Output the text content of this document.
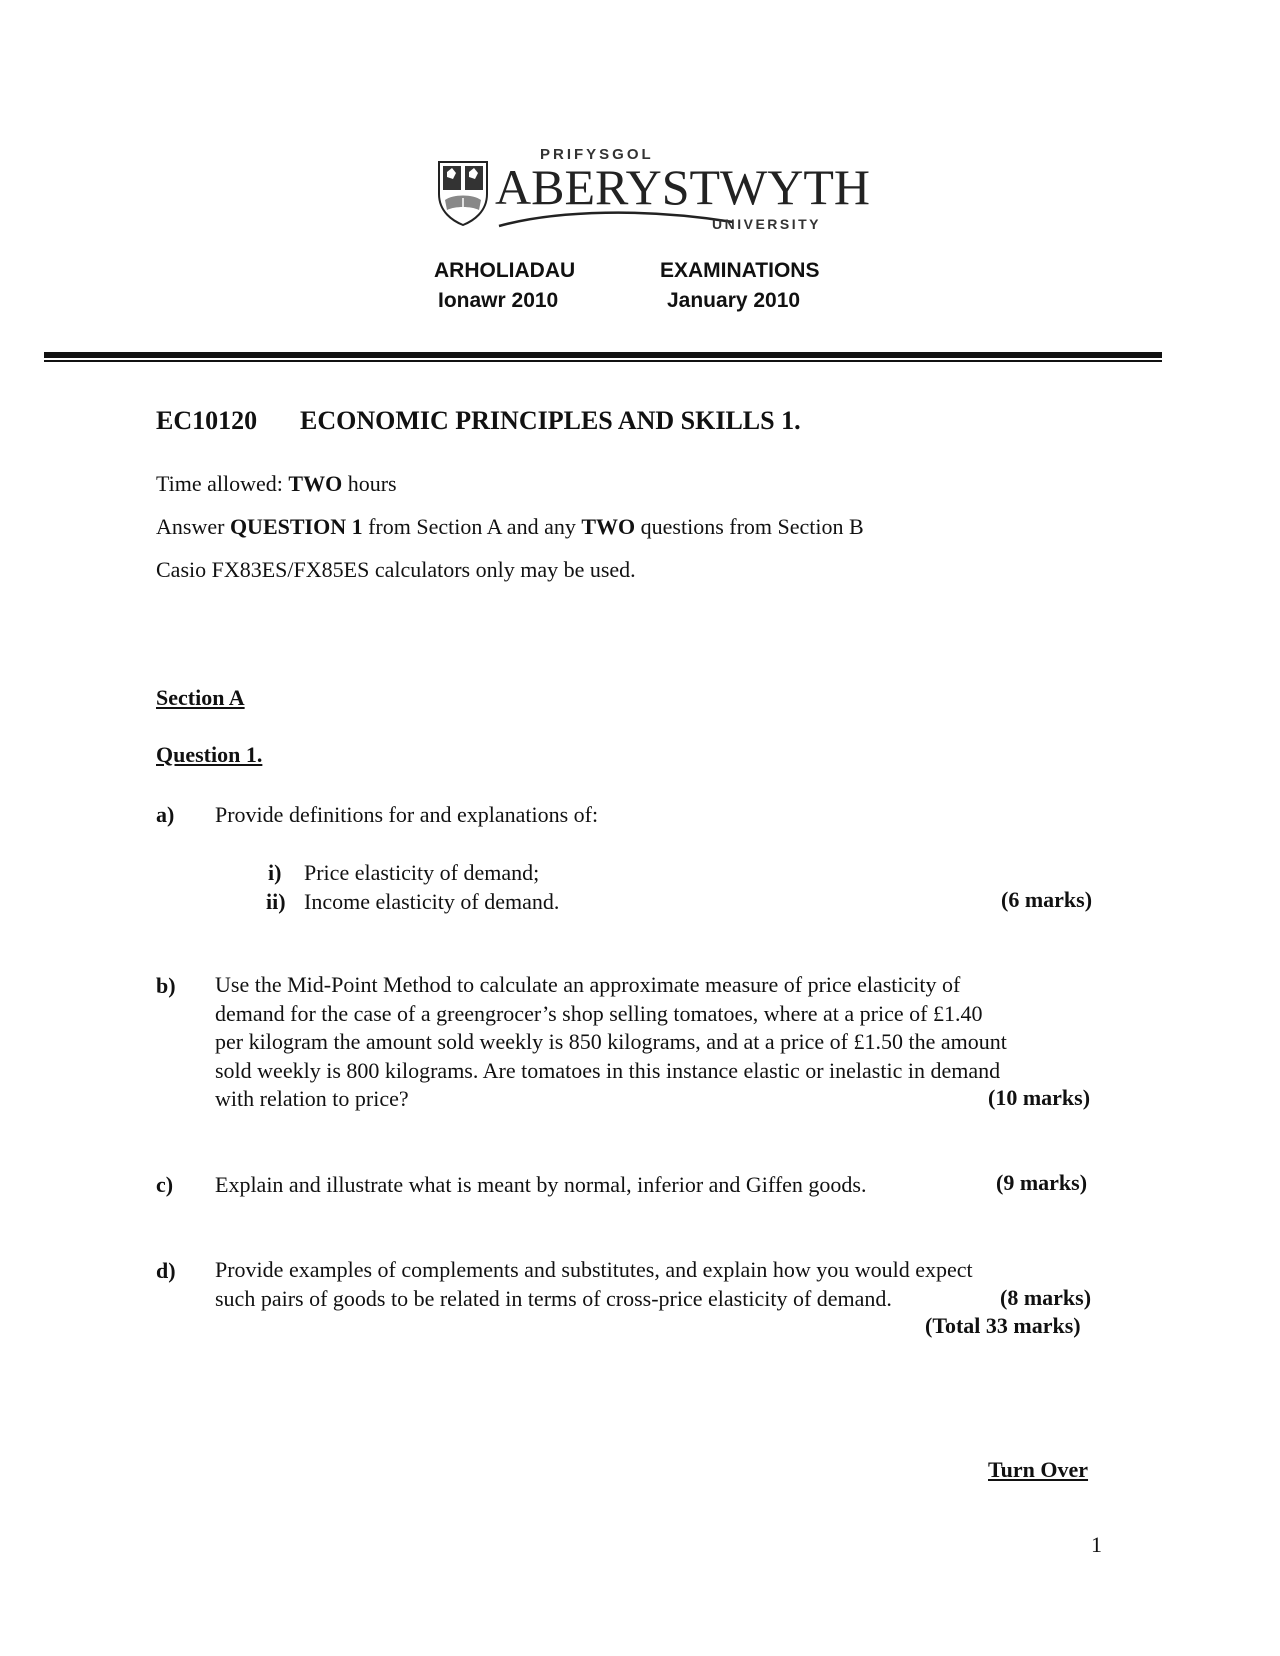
PRIFYSGOL
ABERYSTWYTH
UNIVERSITY
ARHOLIADAU
Ionawr 2010
EXAMINATIONS
January 2010
EC10120 ECONOMIC PRINCIPLES AND SKILLS 1.
Time allowed: TWO hours
Answer QUESTION 1 from Section A and any TWO questions from Section B
Casio FX83ES/FX85ES calculators only may be used.
Section A
Question 1.
a) Provide definitions for and explanations of:
i) Price elasticity of demand;
ii) Income elasticity of demand.	(6 marks)
b) Use the Mid-Point Method to calculate an approximate measure of price elasticity of
demand for the case of a greengrocer’s shop selling tomatoes, where at a price of £1.40
per kilogram the amount sold weekly is 850 kilograms, and at a price of £1.50 the amount
sold weekly is 800 kilograms. Are tomatoes in this instance elastic or inelastic in demand
with relation to price?	(10 marks)
c) Explain and illustrate what is meant by normal, inferior and Giffen goods.	(9 marks)
d) Provide examples of complements and substitutes, and explain how you would expect
such pairs of goods to be related in terms of cross-price elasticity of demand.	(8 marks)
(Total 33 marks)
Turn Over
1
